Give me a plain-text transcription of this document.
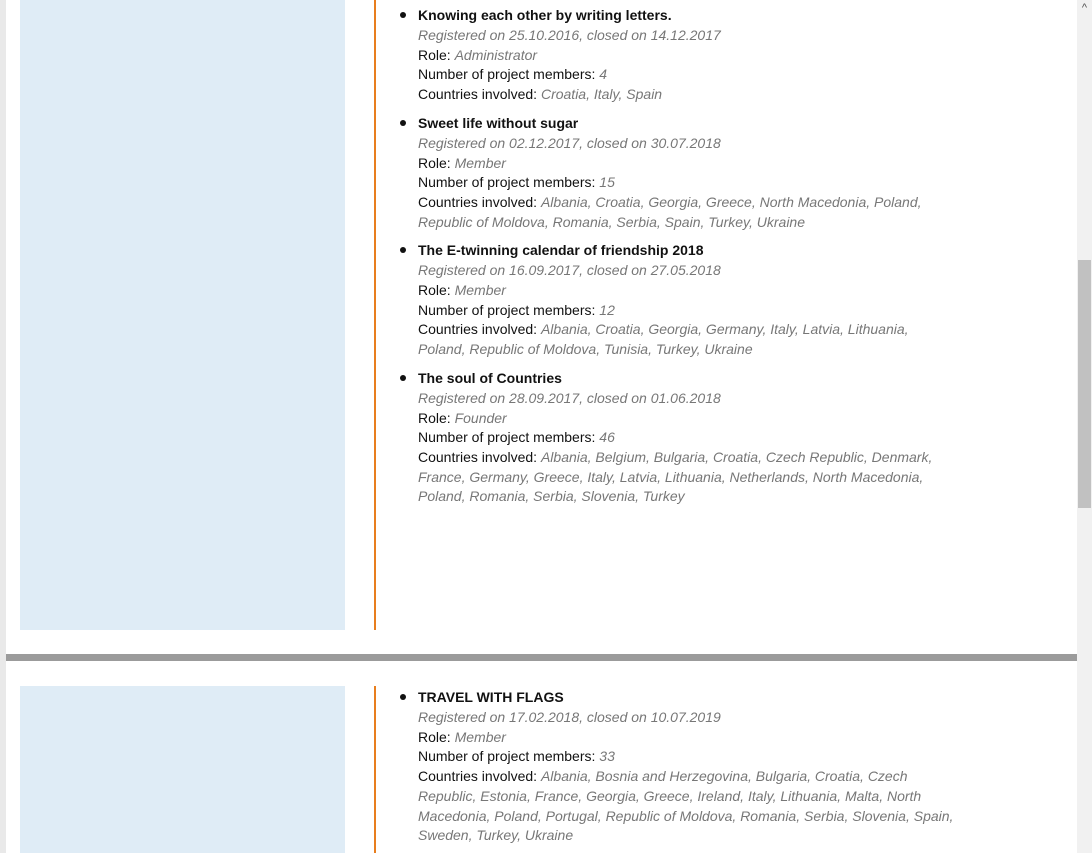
Knowing each other by writing letters.
Registered on 25.10.2016, closed on 14.12.2017
Role: Administrator
Number of project members: 4
Countries involved: Croatia, Italy, Spain
Sweet life without sugar
Registered on 02.12.2017, closed on 30.07.2018
Role: Member
Number of project members: 15
Countries involved: Albania, Croatia, Georgia, Greece, North Macedonia, Poland, Republic of Moldova, Romania, Serbia, Spain, Turkey, Ukraine
The E-twinning calendar of friendship 2018
Registered on 16.09.2017, closed on 27.05.2018
Role: Member
Number of project members: 12
Countries involved: Albania, Croatia, Georgia, Germany, Italy, Latvia, Lithuania, Poland, Republic of Moldova, Tunisia, Turkey, Ukraine
The soul of Countries
Registered on 28.09.2017, closed on 01.06.2018
Role: Founder
Number of project members: 46
Countries involved: Albania, Belgium, Bulgaria, Croatia, Czech Republic, Denmark, France, Germany, Greece, Italy, Latvia, Lithuania, Netherlands, North Macedonia, Poland, Romania, Serbia, Slovenia, Turkey
TRAVEL WITH FLAGS
Registered on 17.02.2018, closed on 10.07.2019
Role: Member
Number of project members: 33
Countries involved: Albania, Bosnia and Herzegovina, Bulgaria, Croatia, Czech Republic, Estonia, France, Georgia, Greece, Ireland, Italy, Lithuania, Malta, North Macedonia, Poland, Portugal, Republic of Moldova, Romania, Serbia, Slovenia, Spain, Sweden, Turkey, Ukraine
^
